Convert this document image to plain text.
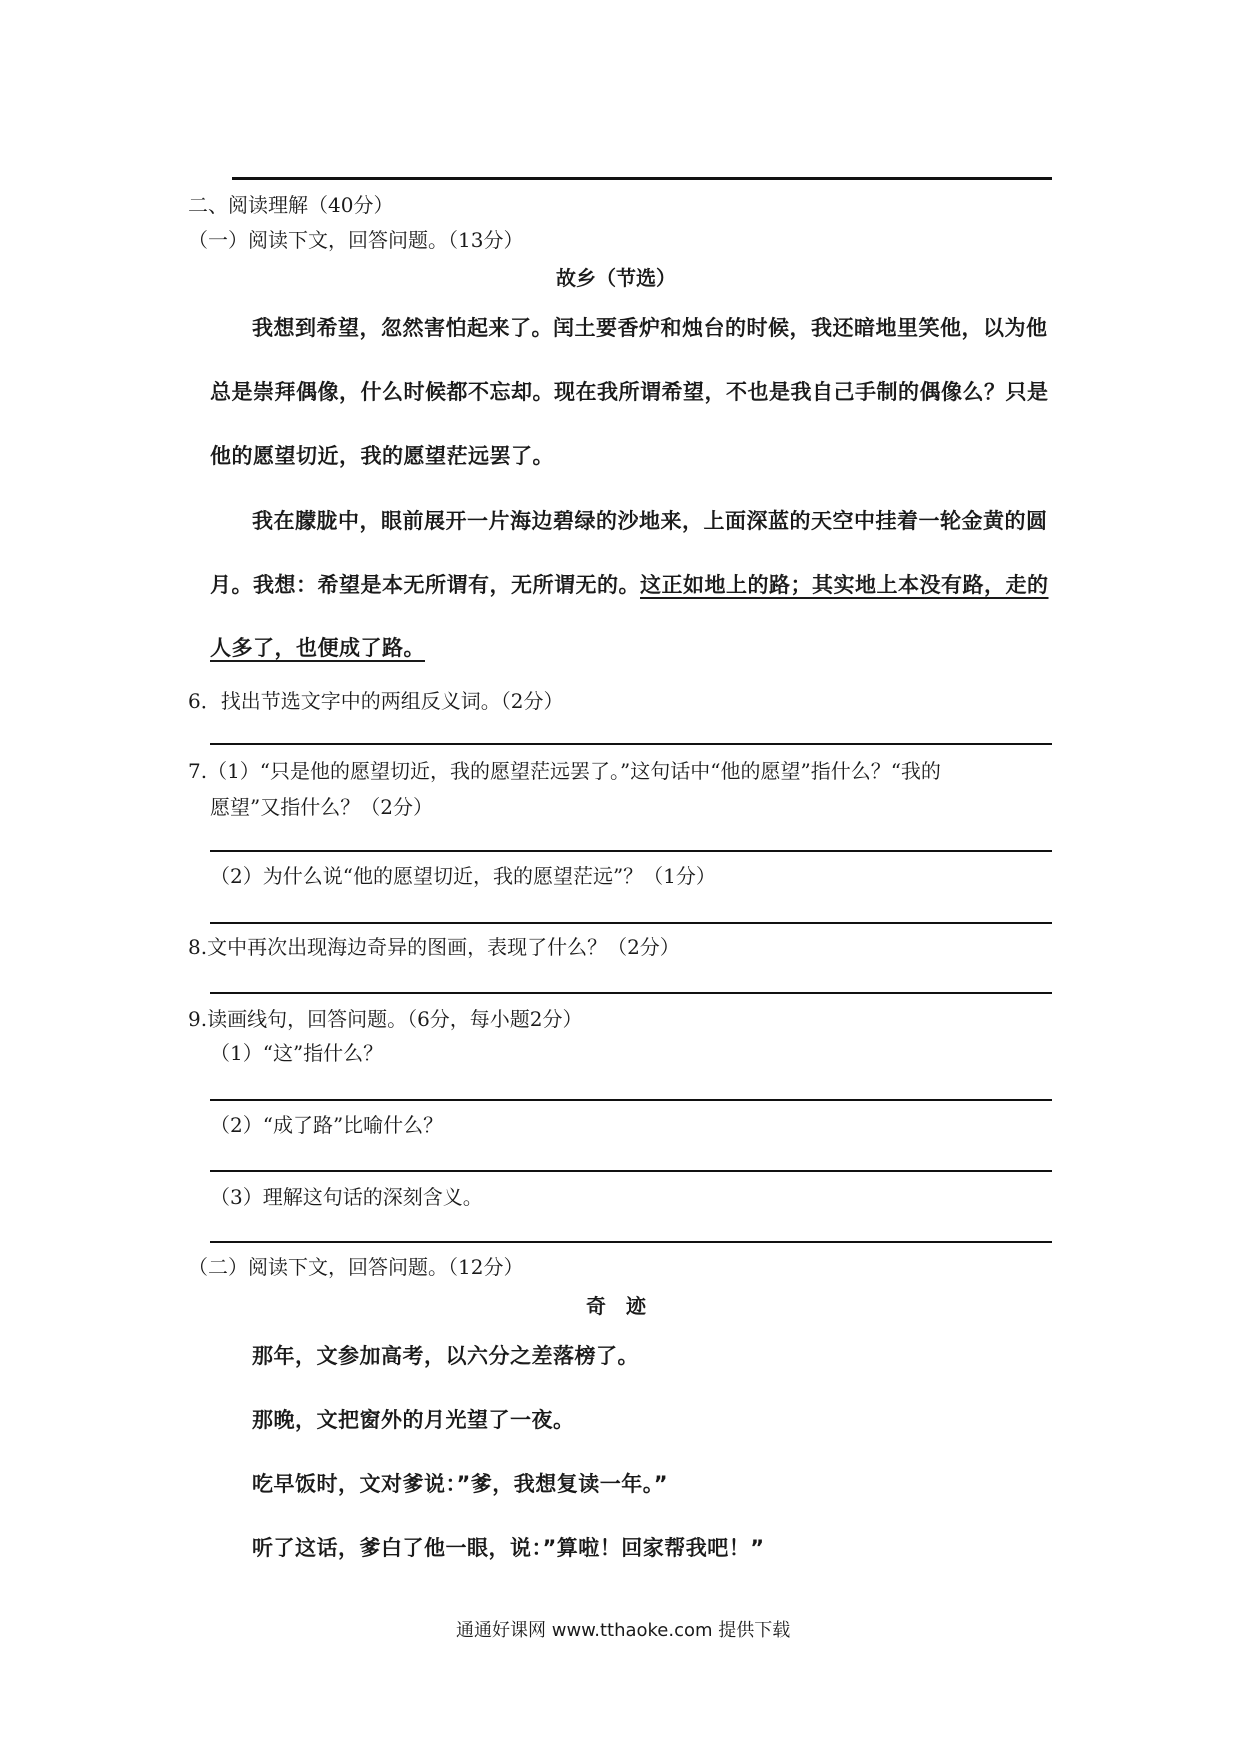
二、阅读理解（40分）
（一）阅读下文，回答问题。（13分）
故乡（节选）
我想到希望，忽然害怕起来了。闰土要香炉和烛台的时候，我还暗地里笑他，以为他
总是崇拜偶像，什么时候都不忘却。现在我所谓希望，不也是我自己手制的偶像么？只是
他的愿望切近，我的愿望茫远罢了。
我在朦胧中，眼前展开一片海边碧绿的沙地来，上面深蓝的天空中挂着一轮金黄的圆
月。我想：希望是本无所谓有，无所谓无的。这正如地上的路；其实地上本没有路，走的
人多了，也便成了路。
6．找出节选文字中的两组反义词。（2分）
7.（1）“只是他的愿望切近，我的愿望茫远罢了。”这句话中“他的愿望”指什么？“我的
愿望”又指什么？（2分）
（2）为什么说“他的愿望切近，我的愿望茫远”？（1分）
8.文中再次出现海边奇异的图画，表现了什么？（2分）
9.读画线句，回答问题。（6分，每小题2分）
（1）“这”指什么？
（2）“成了路”比喻什么？
（3）理解这句话的深刻含义。
（二）阅读下文，回答问题。（12分）
奇　迹
那年，文参加高考，以六分之差落榜了。
那晚，文把窗外的月光望了一夜。
吃早饭时，文对爹说：”爹，我想复读一年。”
听了这话，爹白了他一眼，说：”算啦！回家帮我吧！”
通通好课网 www.tthaoke.com 提供下载
